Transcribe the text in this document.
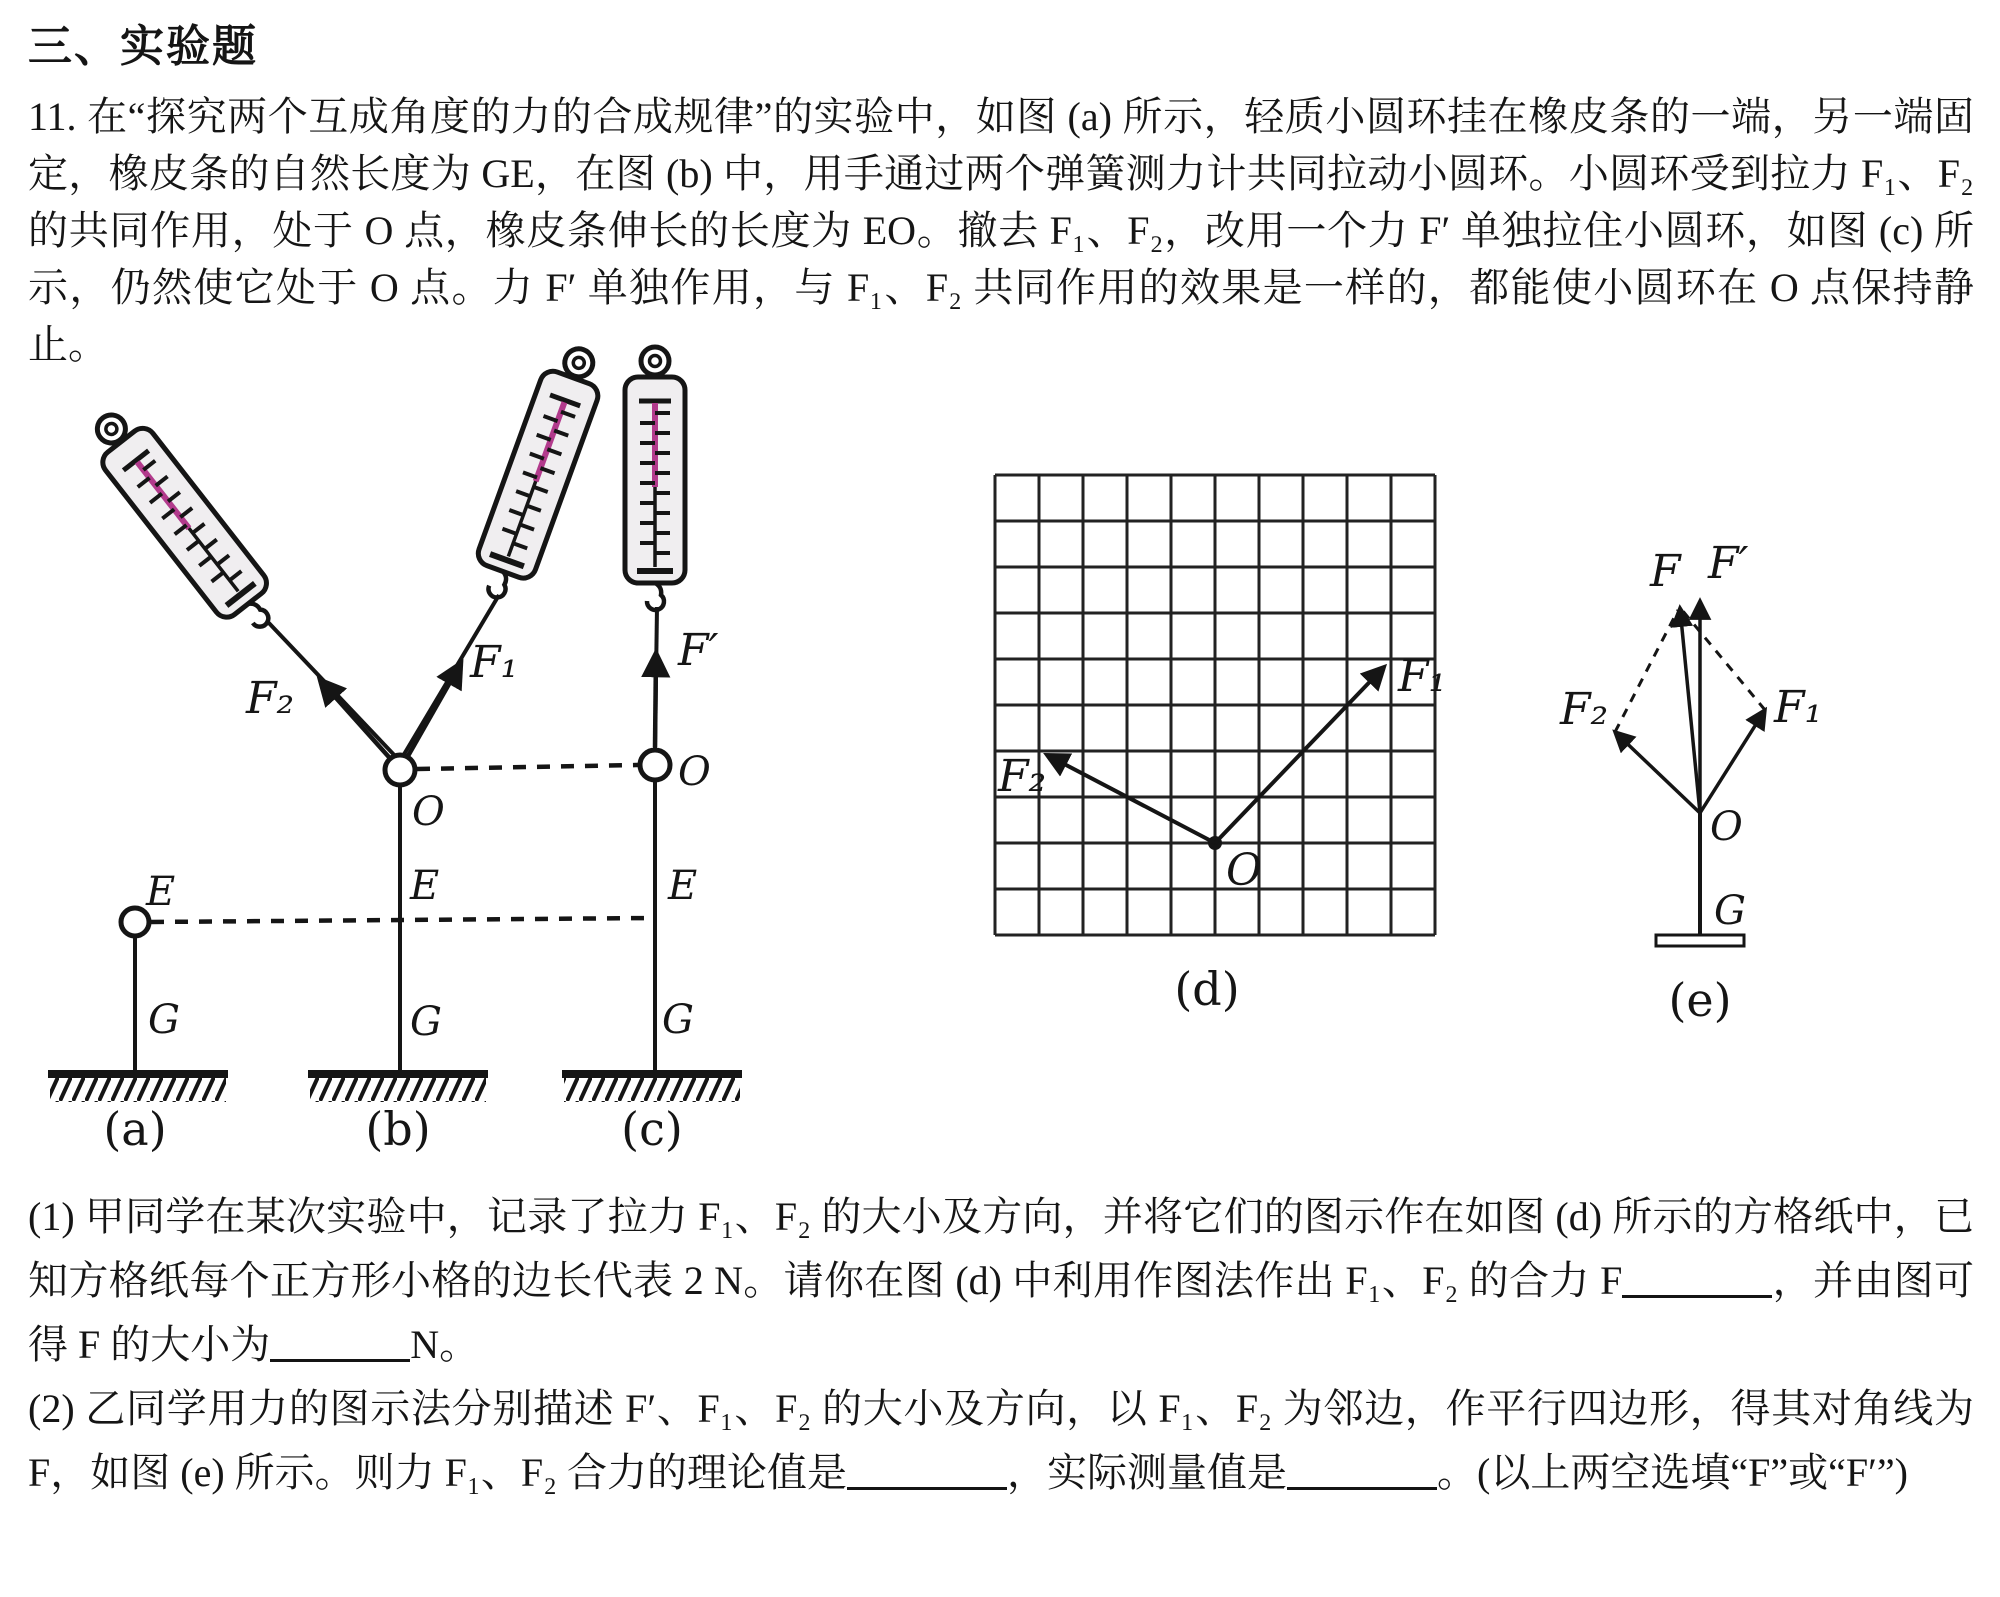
三、实验题

11. 在“探究两个互成角度的力的合成规律”的实验中，如图 (a) 所示，轻质小圆环挂在橡皮条的一端，另一端固定，橡皮条的自然长度为 GE，在图 (b) 中，用手通过两个弹簧测力计共同拉动小圆环。小圆环受到拉力 F₁、F₂ 的共同作用，处于 O 点，橡皮条伸长的长度为 EO。撤去 F₁、F₂，改用一个力 F′ 单独拉住小圆环，如图 (c) 所示，仍然使它处于 O 点。力 F′ 单独作用，与 F₁、F₂ 共同作用的效果是一样的，都能使小圆环在 O 点保持静止。

F₂
F₁	F′
O
O
E	E	E
G	G	G
(a)	(b)	(c)
F₁
F₂
O
(d)
F F′
F₂	F₁
O
G
(e)

(1) 甲同学在某次实验中，记录了拉力 F₁、F₂ 的大小及方向，并将它们的图示作在如图 (d) 所示的方格纸中，已知方格纸每个正方形小格的边长代表 2 N。请你在图 (d) 中利用作图法作出 F₁、F₂ 的合力 F	，并由图可得 F 的大小为	N。

(2) 乙同学用力的图示法分别描述 F′、F₁、F₂ 的大小及方向，以 F₁、F₂ 为邻边，作平行四边形，得其对角线为 F，如图 (e) 所示。则力 F₁、F₂ 合力的理论值是	，实际测量值是	。(以上两空选填“F”或“F′”)
